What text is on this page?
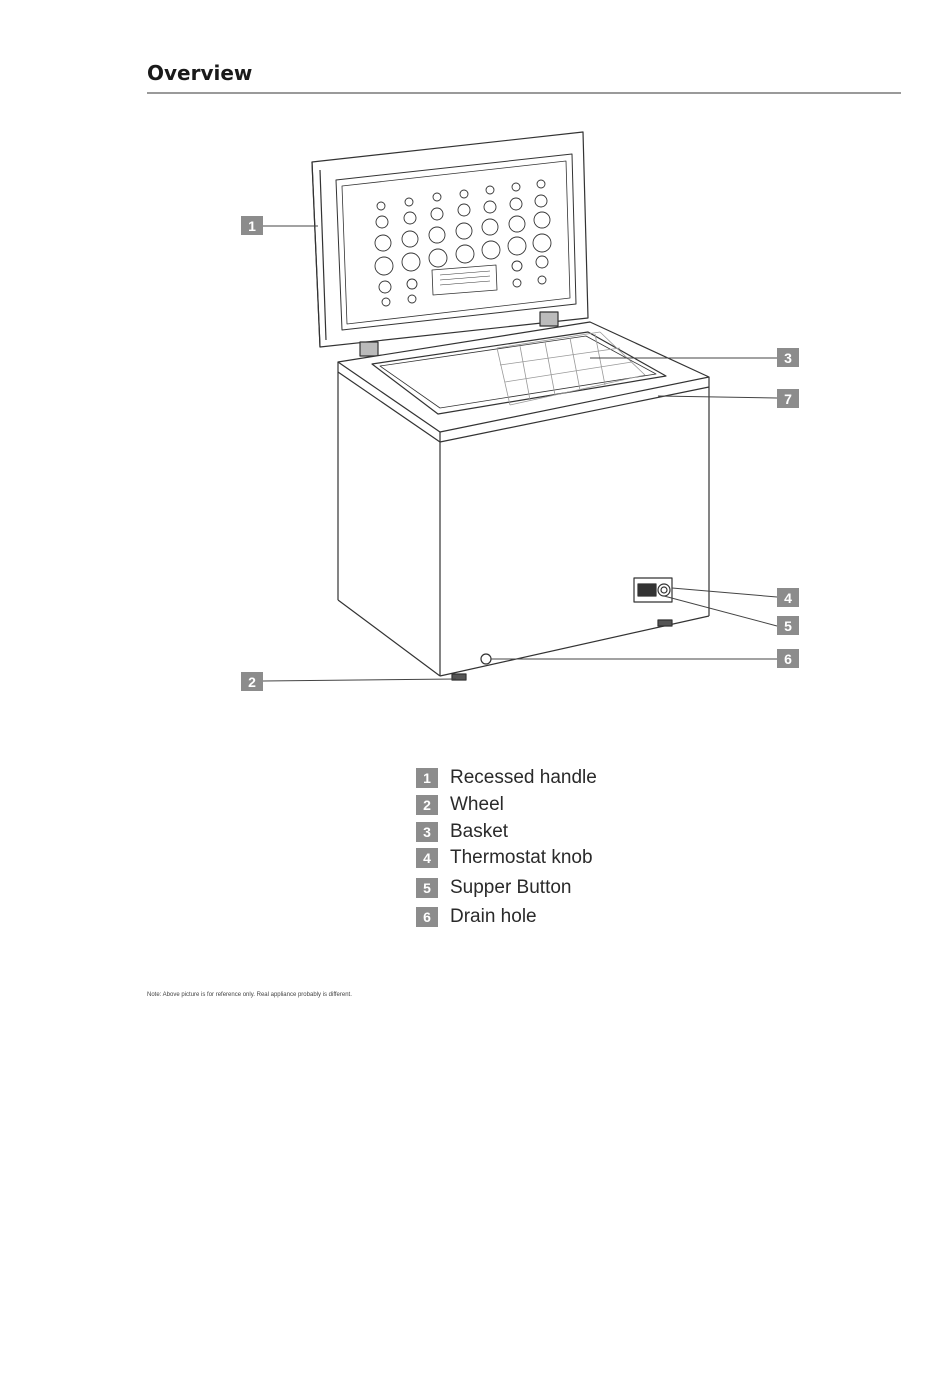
Overview
1
3
7
4
5
6
2
1 Recessed handle
2 Wheel
3 Basket
4 Thermostat knob
5 Supper Button
6 Drain hole
Note: Above picture is for reference only. Real appliance probably is different.
